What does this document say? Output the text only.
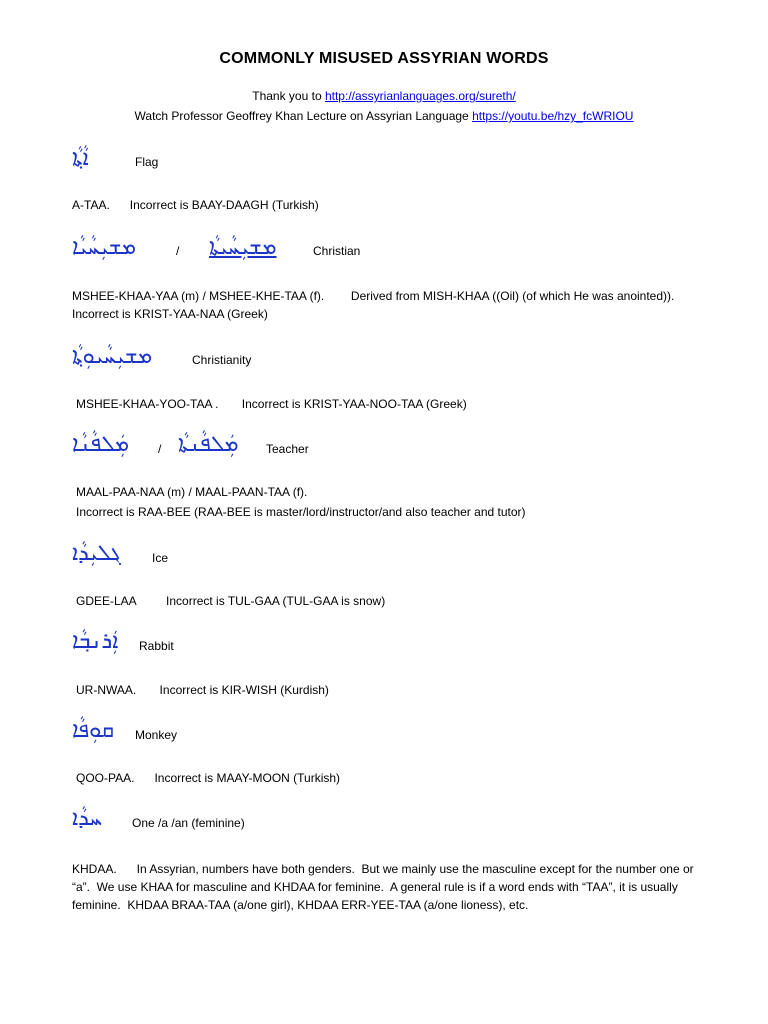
COMMONLY MISUSED ASSYRIAN WORDS
Thank you to http://assyrianlanguages.org/sureth/
Watch Professor Geoffrey Khan Lecture on Assyrian Language https://youtu.be/hzy_fcWRIOU
ܐܵܬ݂ܵܐ	Flag
A-TAA.      Incorrect is BAAY-DAAGH (Turkish)
ܡܫܝܼܚܵܝܵܐ	/ ܡܫܝܼܚܵܝܬܵܐ	Christian
MSHEE-KHAA-YAA (m) / MSHEE-KHE-TAA (f).        Derived from MISH-KHAA ((Oil) (of which He was anointed)). Incorrect is KRIST-YAA-NAA (Greek)
ܡܫܝܼܚܵܝܘܼܬ݂ܵܐ	Christianity
MSHEE-KHAA-YOO-TAA .       Incorrect is KRIST-YAA-NOO-TAA (Greek)
ܡܲܠܦܵܢܵܐ / ܡܲܠܦܵܢܬܵܐ Teacher
MAAL-PAA-NAA (m) / MAAL-PAAN-TAA (f).
Incorrect is RAA-BEE (RAA-BEE is master/lord/instructor/and also teacher and tutor)
ܓܠܝܼܕܵܐ	Ice
GDEE-LAA         Incorrect is TUL-GAA (TUL-GAA is snow)
ܐܲܪܢܒ݂ܵܐ Rabbit
UR-NWAA.       Incorrect is KIR-WISH (Kurdish)
ܩܘܼܦܵܐ Monkey
QOO-PAA.      Incorrect is MAAY-MOON (Turkish)
ܚܕܵܐ One /a /an (feminine)
KHDAA.      In Assyrian, numbers have both genders.  But we mainly use the masculine except for the number one or “a”.  We use KHAA for masculine and KHDAA for feminine.  A general rule is if a word ends with “TAA”, it is usually feminine.  KHDAA BRAA-TAA (a/one girl), KHDAA ERR-YEE-TAA (a/one lioness), etc.
